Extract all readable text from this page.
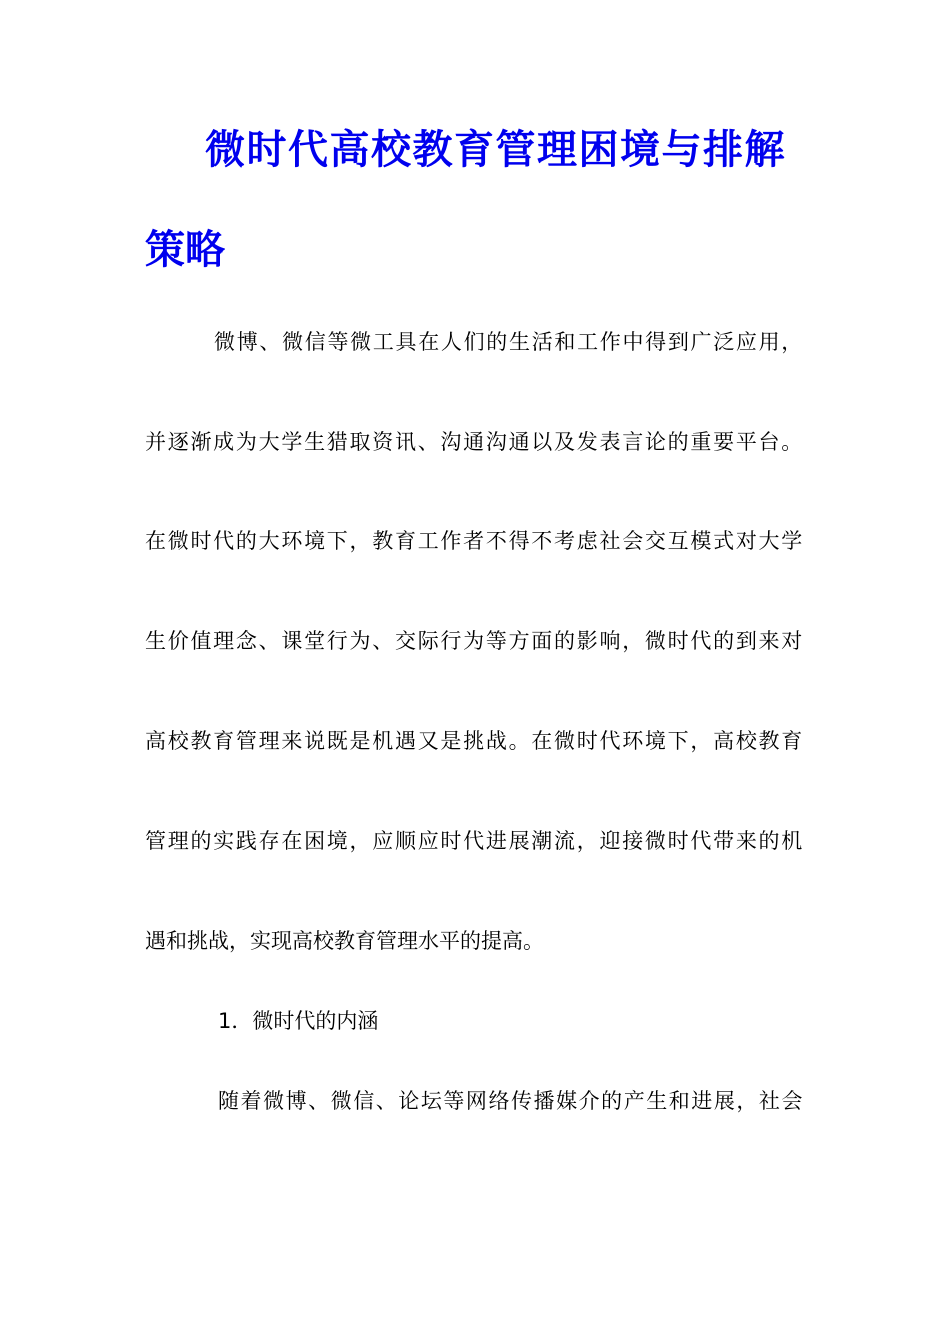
微时代高校教育管理困境与排解
策略
微博、微信等微工具在人们的生活和工作中得到广泛应用，
并逐渐成为大学生猎取资讯、沟通沟通以及发表言论的重要平台。
在微时代的大环境下，教育工作者不得不考虑社会交互模式对大学
生价值理念、课堂行为、交际行为等方面的影响，微时代的到来对
高校教育管理来说既是机遇又是挑战。在微时代环境下，高校教育
管理的实践存在困境，应顺应时代进展潮流，迎接微时代带来的机
遇和挑战，实现高校教育管理水平的提高。
1．微时代的内涵
随着微博、微信、论坛等网络传播媒介的产生和进展，社会
